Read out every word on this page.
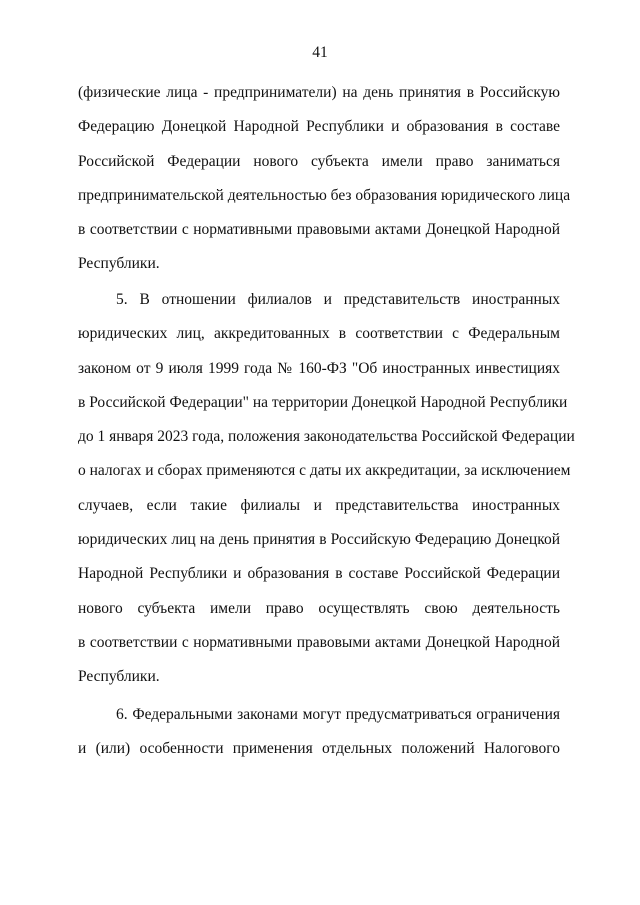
41
(физические лица - предприниматели) на день принятия в Российскую
Федерацию Донецкой Народной Республики и образования в составе
Российской Федерации нового субъекта имели право заниматься
предпринимательской деятельностью без образования юридического лица
в соответствии с нормативными правовыми актами Донецкой Народной
Республики.
5. В отношении филиалов и представительств иностранных
юридических лиц, аккредитованных в соответствии с Федеральным
законом от 9 июля 1999 года № 160-ФЗ "Об иностранных инвестициях
в Российской Федерации" на территории Донецкой Народной Республики
до 1 января 2023 года, положения законодательства Российской Федерации
о налогах и сборах применяются с даты их аккредитации, за исключением
случаев, если такие филиалы и представительства иностранных
юридических лиц на день принятия в Российскую Федерацию Донецкой
Народной Республики и образования в составе Российской Федерации
нового субъекта имели право осуществлять свою деятельность
в соответствии с нормативными правовыми актами Донецкой Народной
Республики.
6. Федеральными законами могут предусматриваться ограничения
и (или) особенности применения отдельных положений Налогового
